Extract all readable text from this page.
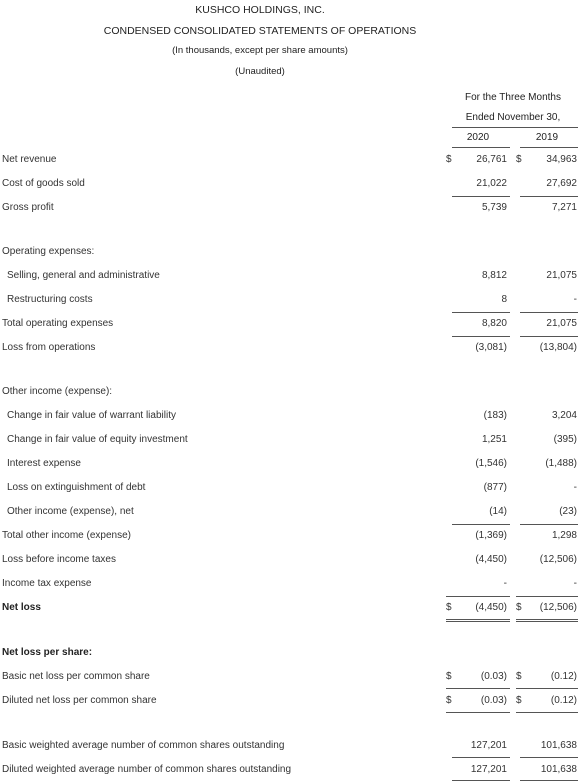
KUSHCO HOLDINGS, INC.
CONDENSED CONSOLIDATED STATEMENTS OF OPERATIONS
(In thousands, except per share amounts)
(Unaudited)
For the Three Months
Ended November 30,
2020	2019
Net revenue	$ 26,761 $ 34,963
Cost of goods sold	21,022	27,692
Gross profit	5,739	7,271
Operating expenses:
Selling, general and administrative	8,812	21,075
Restructuring costs	8	-
Total operating expenses	8,820	21,075
Loss from operations	(3,081)	(13,804)
Other income (expense):
Change in fair value of warrant liability	(183)	3,204
Change in fair value of equity investment	1,251	(395)
Interest expense	(1,546)	(1,488)
Loss on extinguishment of debt	(877)	-
Other income (expense), net	(14)	(23)
Total other income (expense)	(1,369)	1,298
Loss before income taxes	(4,450)	(12,506)
Income tax expense	-	-
Net loss	$ (4,450) $ (12,506)
Net loss per share:
Basic net loss per common share	$	(0.03) $	(0.12)
Diluted net loss per common share	$	(0.03) $	(0.12)
Basic weighted average number of common shares outstanding	127,201	101,638
Diluted weighted average number of common shares outstanding	127,201	101,638
